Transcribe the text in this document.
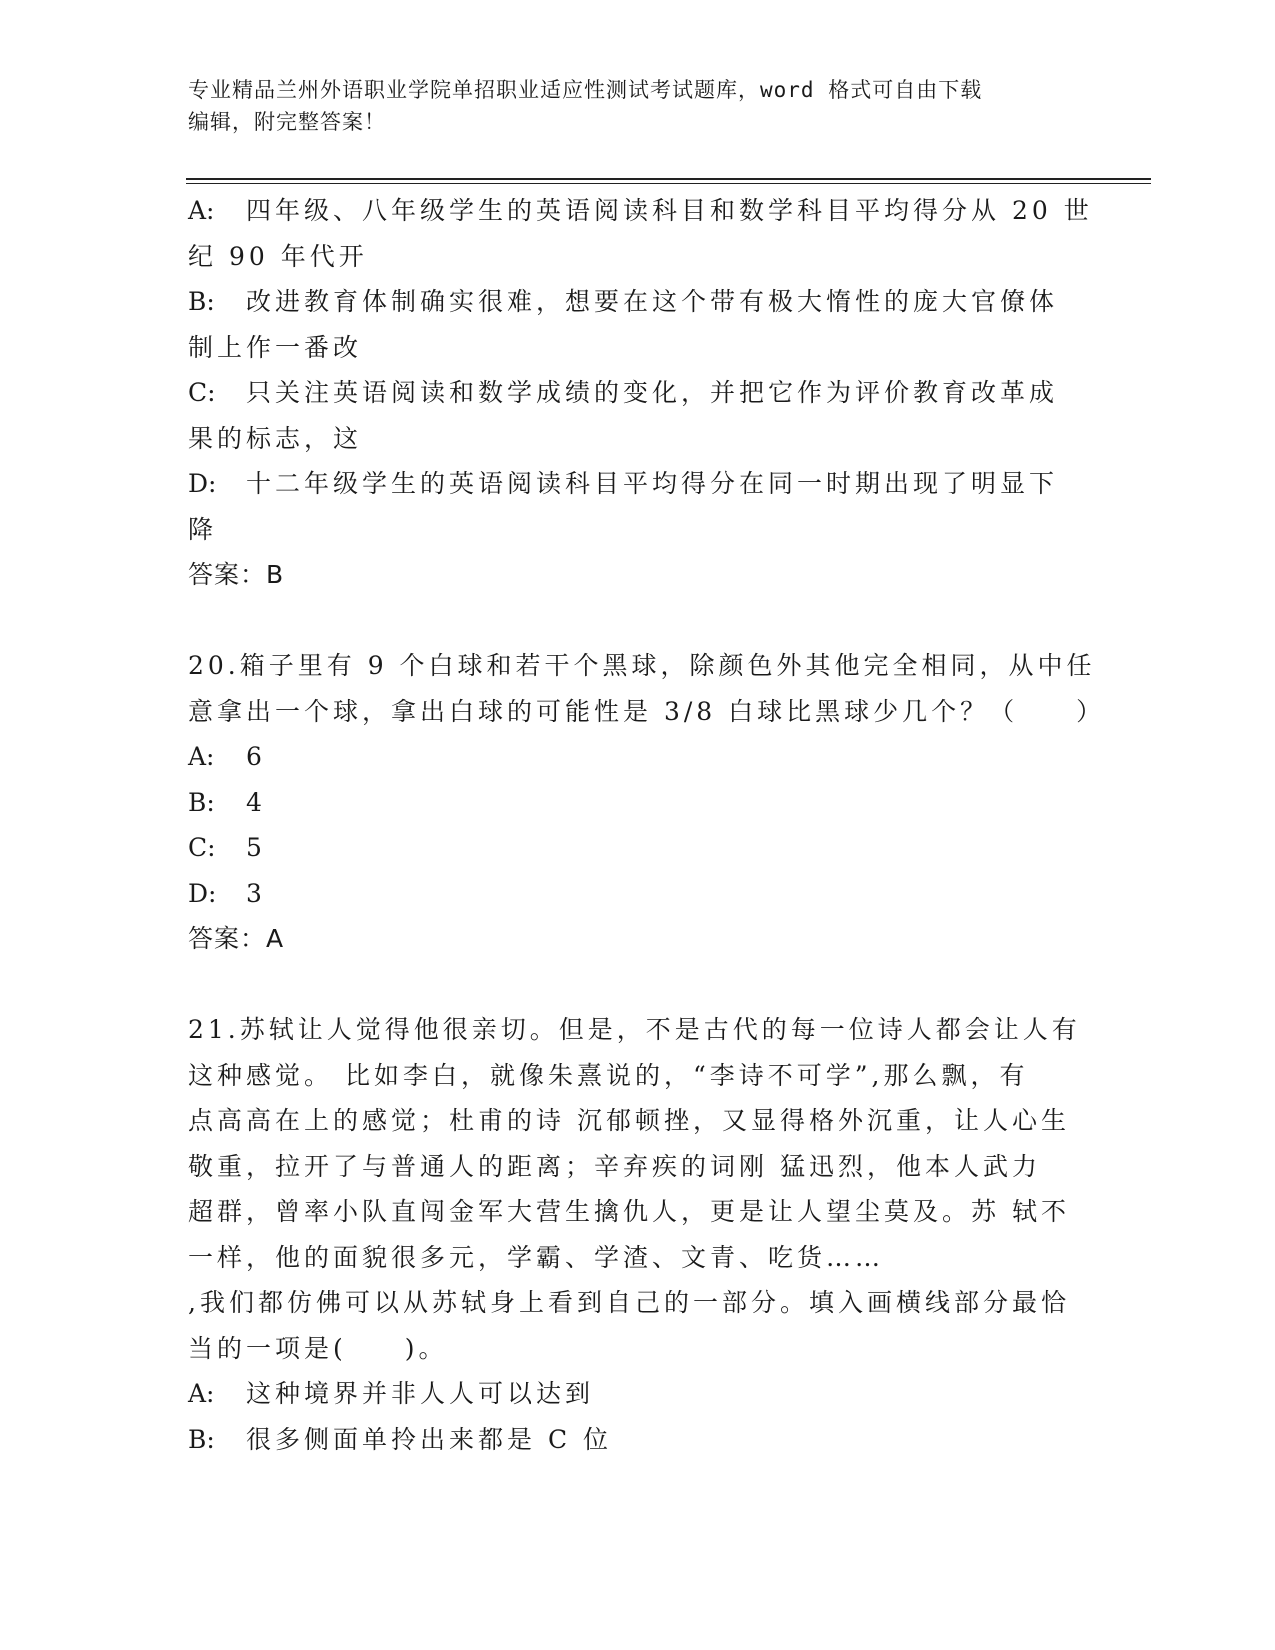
专业精品兰州外语职业学院单招职业适应性测试考试题库，word 格式可自由下载
编辑，附完整答案！
A: 四年级、八年级学生的英语阅读科目和数学科目平均得分从 20 世
纪 90 年代开
B: 改进教育体制确实很难，想要在这个带有极大惰性的庞大官僚体
制上作一番改
C: 只关注英语阅读和数学成绩的变化，并把它作为评价教育改革成
果的标志，这
D: 十二年级学生的英语阅读科目平均得分在同一时期出现了明显下
降
答案：B
20.箱子里有 9 个白球和若干个黑球，除颜色外其他完全相同，从中任
意拿出一个球，拿出白球的可能性是 3/8 白球比黑球少几个？（　　）
A: 6
B: 4
C: 5
D: 3
答案：A
21.苏轼让人觉得他很亲切。但是，不是古代的每一位诗人都会让人有
这种感觉。 比如李白，就像朱熹说的，“李诗不可学”,那么飘，有
点高高在上的感觉；杜甫的诗 沉郁顿挫，又显得格外沉重，让人心生
敬重，拉开了与普通人的距离；辛弃疾的词刚 猛迅烈，他本人武力
超群，曾率小队直闯金军大营生擒仇人，更是让人望尘莫及。苏 轼不
一样，他的面貌很多元，学霸、学渣、文青、吃货……
,我们都仿佛可以从苏轼身上看到自己的一部分。填入画横线部分最恰
当的一项是(　　)。
A: 这种境界并非人人可以达到
B: 很多侧面单拎出来都是 C 位
